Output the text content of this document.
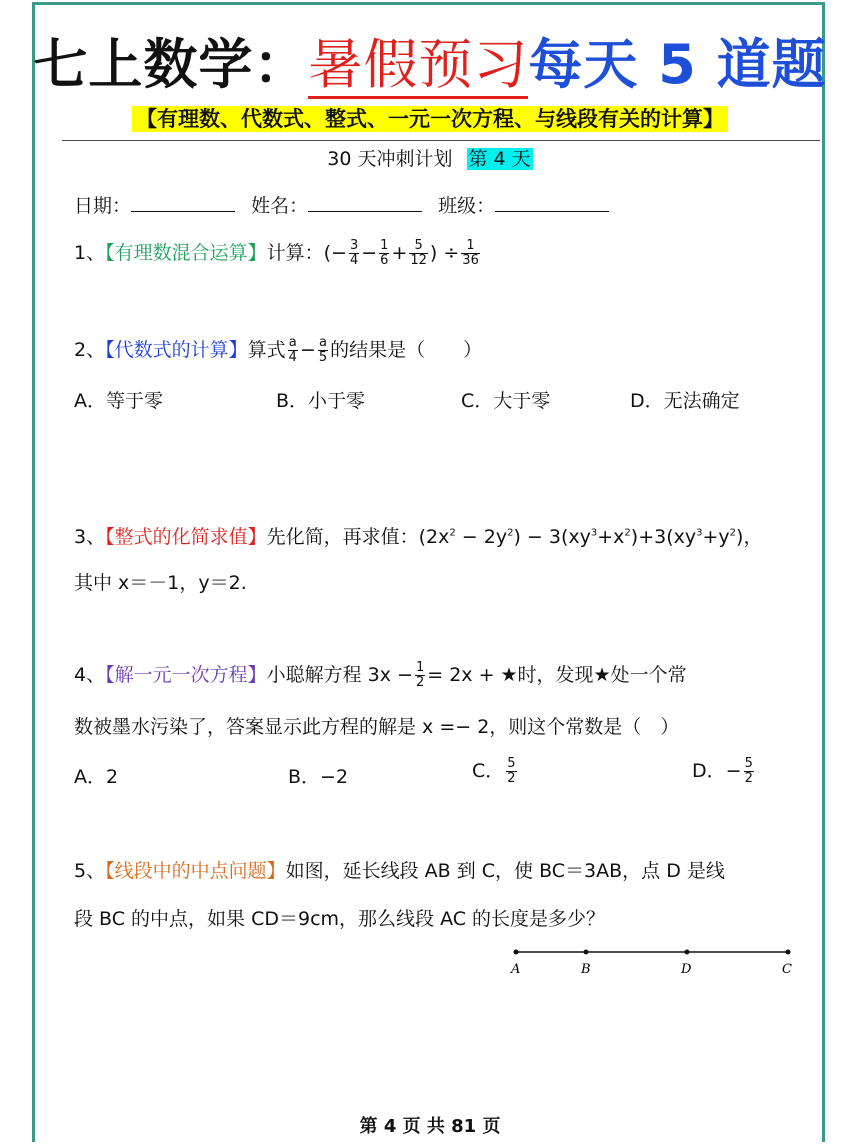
七上数学：暑假预习每天 5 道题
【有理数、代数式、整式、一元一次方程、与线段有关的计算】
30 天冲刺计划 第 4 天
日期：	姓名：	班级：
1、【有理数混合运算】计算：(− $\frac{3}{4} - \frac{1}{6} + \frac{5}{12}$ ) ÷ $\frac{1}{36}$
2、【代数式的计算】算式 $\frac{a}{4} - \frac{a}{5}$ 的结果是（　　）
A．等于零	B．小于零	C．大于零	D．无法确定
3、【整式的化简求值】先化简，再求值：$(2x^2 - 2y^2) - 3(xy^3+x^2)+3(xy^3+y^2)$，
其中 x＝－1，y＝2.
4、【解一元一次方程】小聪解方程 $3x - \frac{1}{2} = 2x$ + ★时，发现★处一个常
数被墨水污染了，答案显示此方程的解是 x =− 2，则这个常数是（　）
A．2	B．−2	C． $\frac{5}{2}$	D．− $\frac{5}{2}$
5、【线段中的中点问题】如图，延长线段 AB 到 C，使 BC＝3AB，点 D 是线
段 BC 的中点，如果 CD＝9cm，那么线段 AC 的长度是多少？
A	B	D	C
第 4 页 共 81 页
